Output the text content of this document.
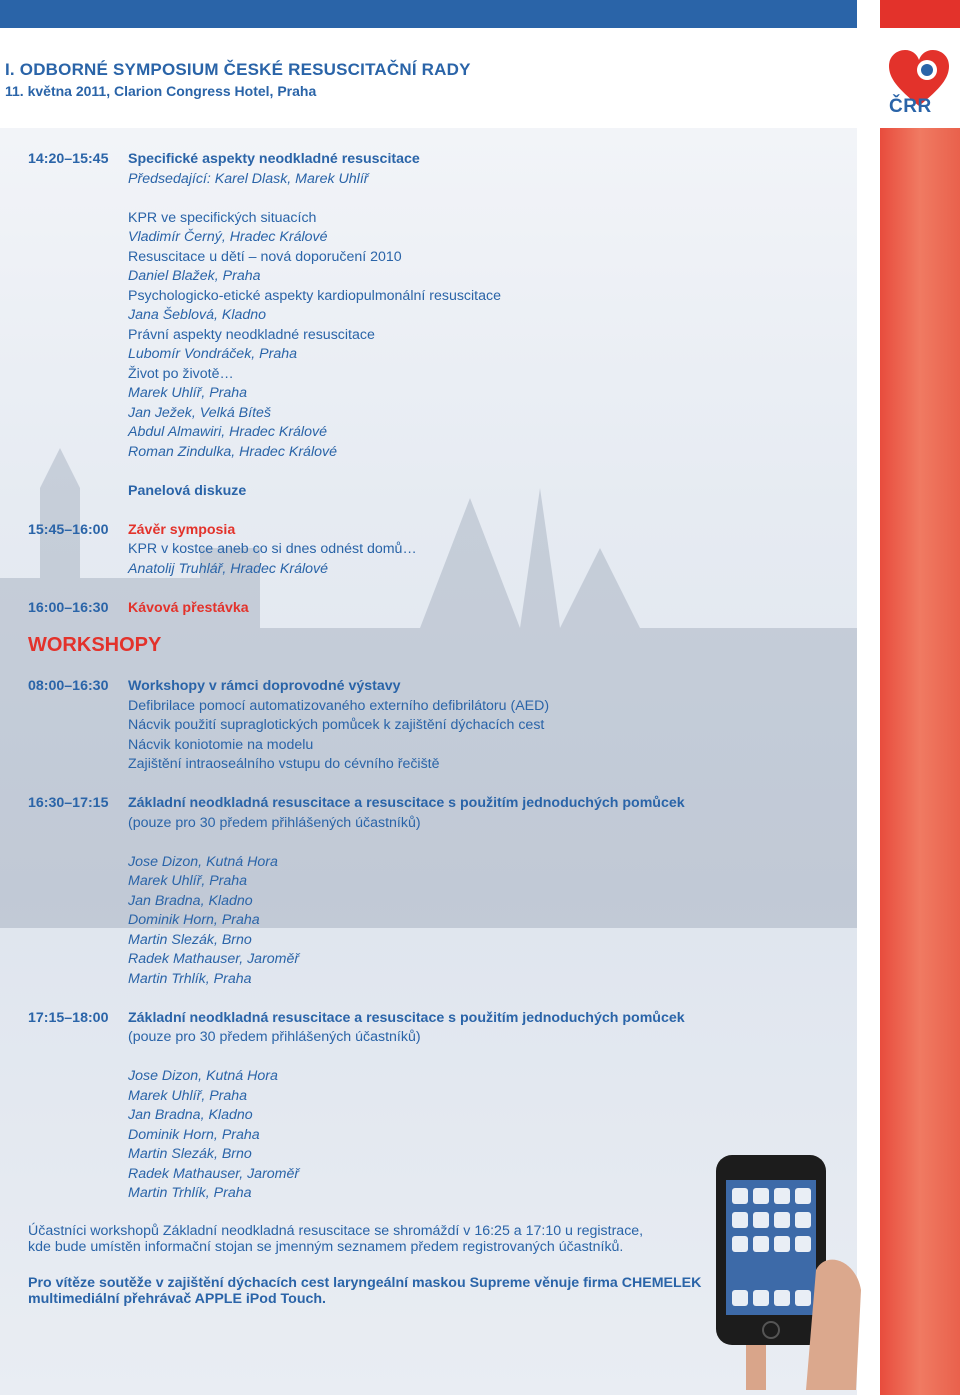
I. ODBORNÉ SYMPOSIUM ČESKÉ RESUSCITAČNÍ RADY
11. května 2011, Clarion Congress Hotel, Praha
ČRR
14:20–15:45	Specifické aspekty neodkladné resuscitace
Předsedající: Karel Dlask, Marek Uhlíř
KPR ve specifických situacích
Vladimír Černý, Hradec Králové
Resuscitace u dětí – nová doporučení 2010
Daniel Blažek, Praha
Psychologicko-etické aspekty kardiopulmonální resuscitace
Jana Šeblová, Kladno
Právní aspekty neodkladné resuscitace
Lubomír Vondráček, Praha
Život po životě…
Marek Uhlíř, Praha
Jan Ježek, Velká Bíteš
Abdul Almawiri, Hradec Králové
Roman Zindulka, Hradec Králové
Panelová diskuze
15:45–16:00	Závěr symposia
KPR v kostce aneb co si dnes odnést domů…
Anatolij Truhlář, Hradec Králové
16:00–16:30	Kávová přestávka
WORKSHOPY
08:00–16:30	Workshopy v rámci doprovodné výstavy
Defibrilace pomocí automatizovaného externího defibrilátoru (AED)
Nácvik použití supraglotických pomůcek k zajištění dýchacích cest
Nácvik koniotomie na modelu
Zajištění intraoseálního vstupu do cévního řečiště
16:30–17:15	Základní neodkladná resuscitace a resuscitace s použitím jednoduchých pomůcek
(pouze pro 30 předem přihlášených účastníků)
Jose Dizon, Kutná Hora
Marek Uhlíř, Praha
Jan Bradna, Kladno
Dominik Horn, Praha
Martin Slezák, Brno
Radek Mathauser, Jaroměř
Martin Trhlík, Praha
17:15–18:00	Základní neodkladná resuscitace a resuscitace s použitím jednoduchých pomůcek
(pouze pro 30 předem přihlášených účastníků)
Jose Dizon, Kutná Hora
Marek Uhlíř, Praha
Jan Bradna, Kladno
Dominik Horn, Praha
Martin Slezák, Brno
Radek Mathauser, Jaroměř
Martin Trhlík, Praha
Účastníci workshopů Základní neodkladná resuscitace se shromáždí v 16:25 a 17:10 u registrace,
kde bude umístěn informační stojan se jmenným seznamem předem registrovaných účastníků.
Pro vítěze soutěže v zajištění dýchacích cest laryngeální maskou Supreme věnuje firma CHEMELEK
multimediální přehrávač APPLE iPod Touch.
